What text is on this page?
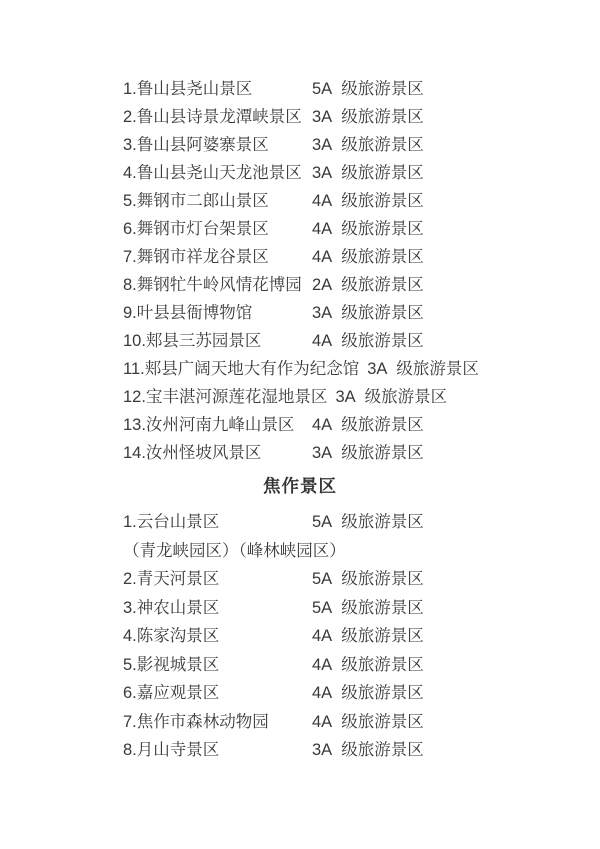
1.鲁山县尧山景区	5A 级旅游景区
2.鲁山县诗景龙潭峡景区 3A 级旅游景区
3.鲁山县阿婆寨景区	3A 级旅游景区
4.鲁山县尧山天龙池景区 3A 级旅游景区
5.舞钢市二郎山景区	4A 级旅游景区
6.舞钢市灯台架景区	4A 级旅游景区
7.舞钢市祥龙谷景区	4A 级旅游景区
8.舞钢牤牛岭风情花博园 2A 级旅游景区
9.叶县县衙博物馆	3A 级旅游景区
10.郏县三苏园景区	4A 级旅游景区
11.郏县广阔天地大有作为纪念馆 3A 级旅游景区
12.宝丰湛河源莲花湿地景区 3A 级旅游景区
13.汝州河南九峰山景区	4A 级旅游景区
14.汝州怪坡风景区	3A 级旅游景区
焦作景区
1.云台山景区	5A 级旅游景区
（青龙峡园区）（峰林峡园区）
2.青天河景区	5A 级旅游景区
3.神农山景区	5A 级旅游景区
4.陈家沟景区	4A 级旅游景区
5.影视城景区	4A 级旅游景区
6.嘉应观景区	4A 级旅游景区
7.焦作市森林动物园	4A 级旅游景区
8.月山寺景区	3A 级旅游景区
